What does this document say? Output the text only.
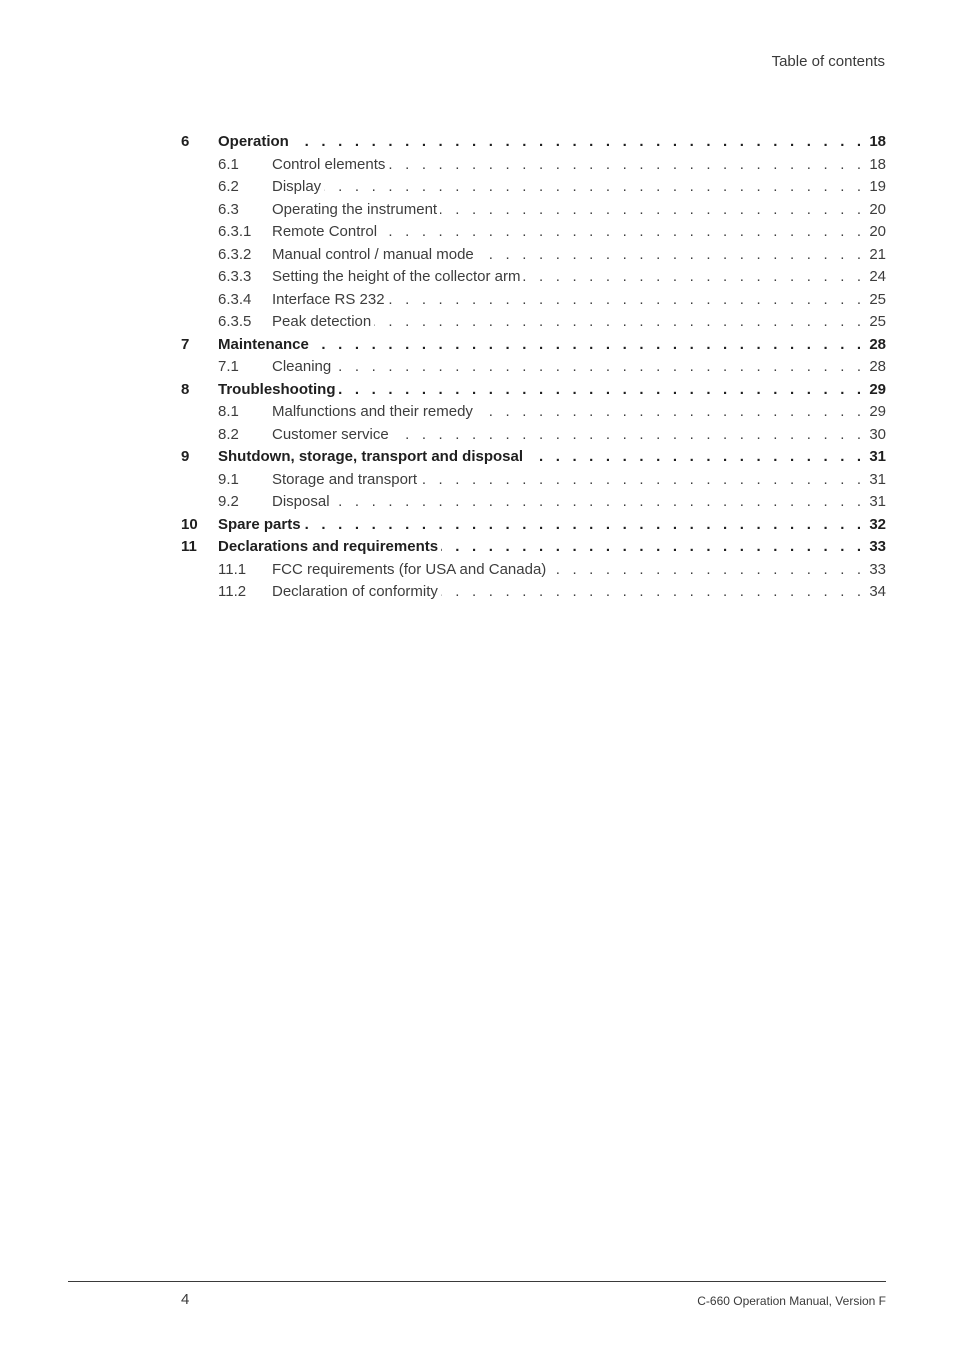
Table of contents
6 Operation . . .	18
6.1 Control elements . . .	18
6.2 Display . . .	19
6.3 Operating the instrument . . .	20
6.3.1 Remote Control . . .	20
6.3.2 Manual control / manual mode . . .	21
6.3.3 Setting the height of the collector arm . . .	24
6.3.4 Interface RS 232 . . .	25
6.3.5 Peak detection . . .	25
7 Maintenance . . .	28
7.1 Cleaning . . .	28
8 Troubleshooting . . .	29
8.1 Malfunctions and their remedy . . .	29
8.2 Customer service . . .	30
9 Shutdown, storage, transport and disposal . . .	31
9.1 Storage and transport . . .	31
9.2 Disposal . . .	31
10 Spare parts . . .	32
11 Declarations and requirements . . .	33
11.1 FCC requirements (for USA and Canada) . . .	33
11.2 Declaration of conformity . . .	34
4	C-660 Operation Manual, Version F
